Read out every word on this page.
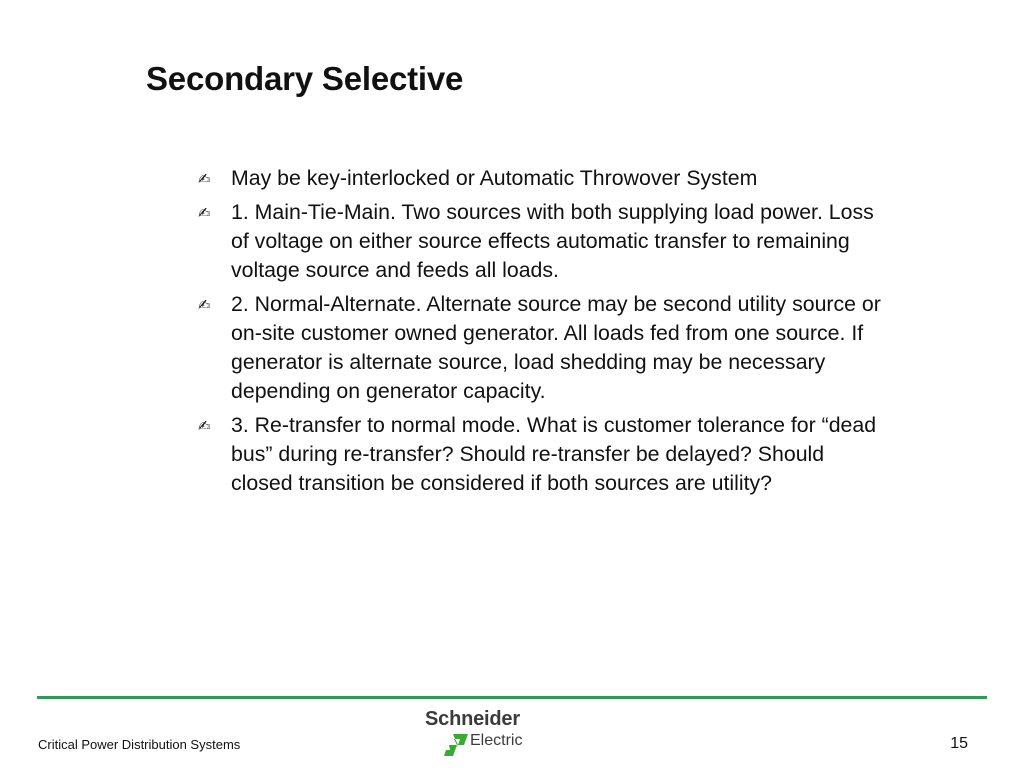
Secondary Selective
✍ May be key-interlocked or Automatic Throwover System
✍ 1. Main-Tie-Main. Two sources with both supplying load power. Loss of voltage on either source effects automatic transfer to remaining voltage source and feeds all loads.
✍ 2. Normal-Alternate. Alternate source may be second utility source or on-site customer owned generator. All loads fed from one source. If generator is alternate source, load shedding may be necessary depending on generator capacity.
✍ 3. Re-transfer to normal mode. What is customer tolerance for “dead bus” during re-transfer? Should re-transfer be delayed? Should closed transition be considered if both sources are utility?
Critical Power Distribution Systems
Schneider
Electric	15
